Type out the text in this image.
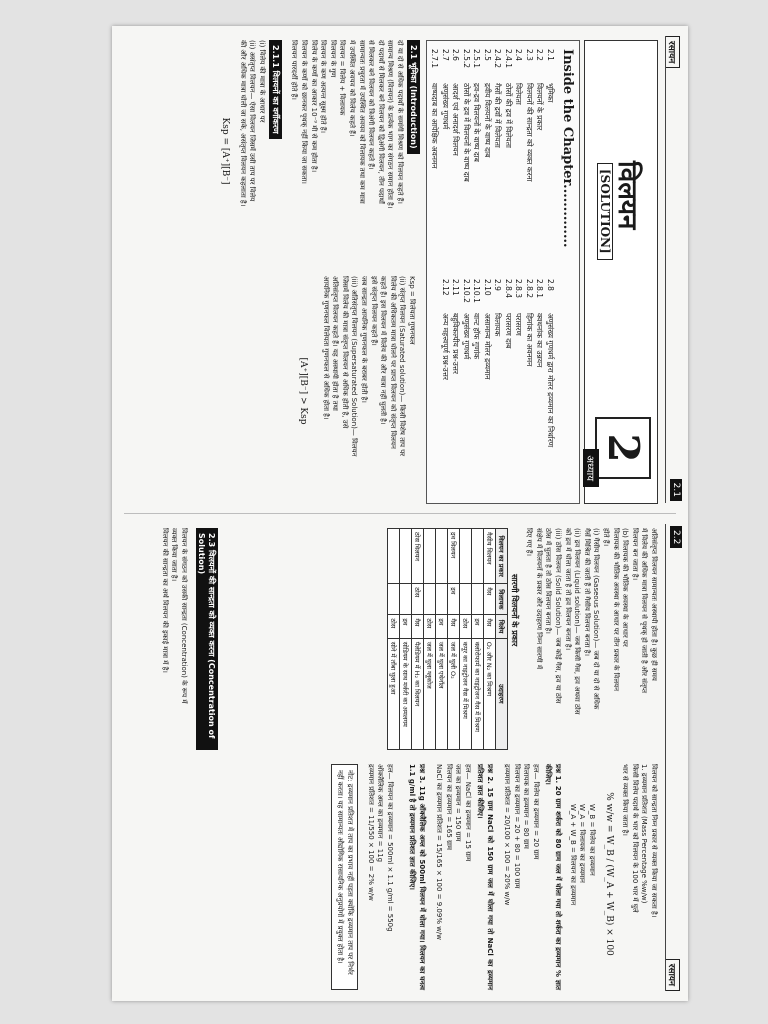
रसायन
2.1
विलयन
[SOLUTION]
2
अध्याय
Inside the Chapter..............
2.1भूमिका
2.2विलयनों के प्रकार
2.3विलयनों की सान्द्रता को व्यक्त करना
2.4विलेयता
2.4.1ठोसों की द्रव में विलेयता
2.4.2गैसों की द्रवों में विलेयता
2.5द्रवीय विलयनों के वाष्प दाब
2.5.1द्रव-द्रव विलयनों के वाष्प दाब
2.5.2ठोसों के द्रव में विलयनों के वाष्प दाब
2.6आदर्श एवं अनादर्श विलयन
2.7अणुसंख्य गुणधर्म
2.7.1वाष्पदाब का आपेक्षिक अवनमन
2.8अणुसंख्य गुणधर्म द्वारा मोलर द्रव्यमान का निर्धारण
2.8.1क्वथनांक का उन्नयन
2.8.2हिमांक का अवनमन
2.8.3परासरण
2.8.4परासरण दाब
2.9विलायक
2.10असामान्य मोलर द्रव्यमान
2.10.1वान्ट हॉफ गुणांक
2.10.2अणुसंख्य गुणधर्म
2.11बहुविकल्पीय प्रश्न-उत्तर
2.12अन्य महत्त्वपूर्ण प्रश्न-उत्तर
2.1 भूमिका (Introduction)
दो या दो से अधिक पदार्थों के समांगी मिश्रण को विलयन कहते हैं।
सामान्य मिश्रण (विलयन) के प्रत्येक भाग का संगठन समान होता है।
दो पदार्थों से मिलकर बने विलयन को द्विअंगी विलयन, तीन पदार्थों
से मिलकर बने विलयन को त्रिअंगी विलयन कहते हैं।
सामान्यतः प्रचुरता में उपस्थित अवयव को विलायक तथा कम मात्रा
में उपस्थित अवयव को विलेय कहते हैं।
विलयन = विलेय + विलायक
विलयन के गुण
विलयन के कण अत्यन्त सूक्ष्म होते हैं।
विलेय के कणों का आकार 10⁻⁹ मी से कम होता है।
विलयन के कणों को छानकर पृथक् नहीं किया जा सकता।
विलयन पारदर्शी होते हैं।
2.1.1 विलयनों का वर्गीकरण
(i) विलेय की मात्रा के आधार पर
(ii) असंतृप्त विलयन— ऐसा विलयन जिसमें उसी ताप पर विलेय
की और अधिक मात्रा घोली जा सके, असंतृप्त विलयन कहलाता है।
Ksp = [A⁺][B⁻]
Ksp = विलेयता गुणनफल
(ii) संतृप्त विलयन (Saturated solution)— किसी विशेष ताप पर
विलेय की अधिकतम मात्रा घोलने पर प्राप्त विलयन को संतृप्त विलयन
कहते हैं। इस विलयन में विलेय की और मात्रा नहीं घुलती है।
इसे संतृप्त विलयन कहते हैं।
जब सान्द्रता आयनिक गुणनफल के बराबर होती है।
(iii) अतिसंतृप्त विलयन (Supersaturated Solution)— विलयन
जिसमें विलेय की मात्रा संतृप्त विलयन से अधिक होती है, उसे
अतिसंतृप्त विलयन कहते हैं। यह अस्थायी होता है तथा
आयनिक गुणनफल विलेयता गुणनफल से अधिक होता है।
[A⁺][B⁻] > Ksp
2.2
रसायन
अतिसंतृप्त विलयन सामान्यतः अस्थायी होता है। कुछ ही समय
में विलेय की अधिक मात्रा विलयन से पृथक् हो जाती है और संतृप्त
विलयन बन जाता है।
(b) विलायक की भौतिक अवस्था के आधार पर
विलायक की भौतिक अवस्था के आधार पर तीन प्रकार के विलयन
होते हैं।
(i) गैसीय विलयन (Gaseous Solution)— जब दो या दो से अधिक
गैसें मिश्रित की जाती हैं तो गैसीय विलयन बनता है।
(ii) द्रव विलयन (Liquid solution)— जब किसी गैस, द्रव अथवा ठोस
को द्रव में घोला जाता है तो द्रव विलयन बनता है।
(iii) ठोस विलयन (Solid Solution)— जब कोई गैस, द्रव या ठोस
ठोस में घुलता है तो ठोस विलयन बनता है।
संक्षेप में विलयनों के प्रकार और उदाहरण निम्न सारणी में
दिए गए हैं।
सारणी विलयनों के प्रकार
विलयन का प्रकार	विलायक	विलेय	उदाहरण
गैसीय विलयन	गैस	गैस	O₂ और N₂ का मिश्रण
		द्रव	क्लोरोफार्म का नाइट्रोजन गैस में मिश्रण
		ठोस	कपूर का नाइट्रोजन गैस में मिश्रण
द्रव विलयन	द्रव	गैस	जल में घुली O₂
		द्रव	जल में घुला एथेनॉल
		ठोस	जल में घुला ग्लूकोज
ठोस विलयन	ठोस	गैस	पैलेडियम में H₂ का विलयन
		द्रव	सोडियम के साथ मर्करी का अमलगम
		ठोस	सोने में ताँबा घुला हुआ
2.3 विलयनों की सान्द्रता को व्यक्त करना (Concentration of Solution)
विलयन के संगठन को उसकी सान्द्रता (Concentration) के रूप में
व्यक्त किया जाता है।
विलयन की सान्द्रता का अर्थ विलयन की इकाई मात्रा में है।
विलयन को सान्द्रता निम्न प्रकार से व्यक्त किया जा सकता है।
1. द्रव्यमान प्रतिशत (Mass Percentage %w/w)
किसी विलेय पदार्थ के भार को विलयन के 100 भार में घुले
भार से व्यक्त किया जाता है।
% w/w = W_B / (W_A + W_B) × 100
W_B = विलेय का द्रव्यमान
W_A = विलायक का द्रव्यमान
W_A + W_B = विलयन का द्रव्यमान
प्रश्न 1. 20 ग्राम शर्करा को 80 ग्राम जल में घोला गया तो शर्करा का द्रव्यमान % ज्ञात कीजिए।
हल— विलेय का द्रव्यमान = 20 ग्राम
विलायक का द्रव्यमान = 80 ग्राम
विलयन का द्रव्यमान = 20 + 80 = 100 ग्राम
द्रव्यमान प्रतिशत = 20/100 × 100 = 20% w/w
प्रश्न 2. 15 ग्राम NaCl को 150 ग्राम जल में घोला गया तो NaCl का द्रव्यमान प्रतिशत ज्ञात कीजिए।
हल— NaCl का द्रव्यमान = 15 ग्राम
जल का द्रव्यमान = 150 ग्राम
विलयन का द्रव्यमान = 165 ग्राम
NaCl का द्रव्यमान प्रतिशत = 15/165 × 100 = 9.09% w/w
प्रश्न 3. 11g ऑक्जैलिक अम्ल को 500ml विलयन में घोला गया। विलयन का घनत्व 1.1 g/ml है तो द्रव्यमान प्रतिशत ज्ञात कीजिए।
हल— विलयन का द्रव्यमान = 500ml × 1.1 g/ml = 550g
ऑक्जैलिक अम्ल का द्रव्यमान = 11g
द्रव्यमान प्रतिशत = 11/550 × 100 = 2% w/w
नोट: द्रव्यमान प्रतिशत में ताप का प्रभाव नहीं पड़ता क्योंकि द्रव्यमान ताप पर निर्भर नहीं करता। यह सामान्यतः औद्योगिक रासायनिक अनुप्रयोगों में प्रयुक्त होता है।
